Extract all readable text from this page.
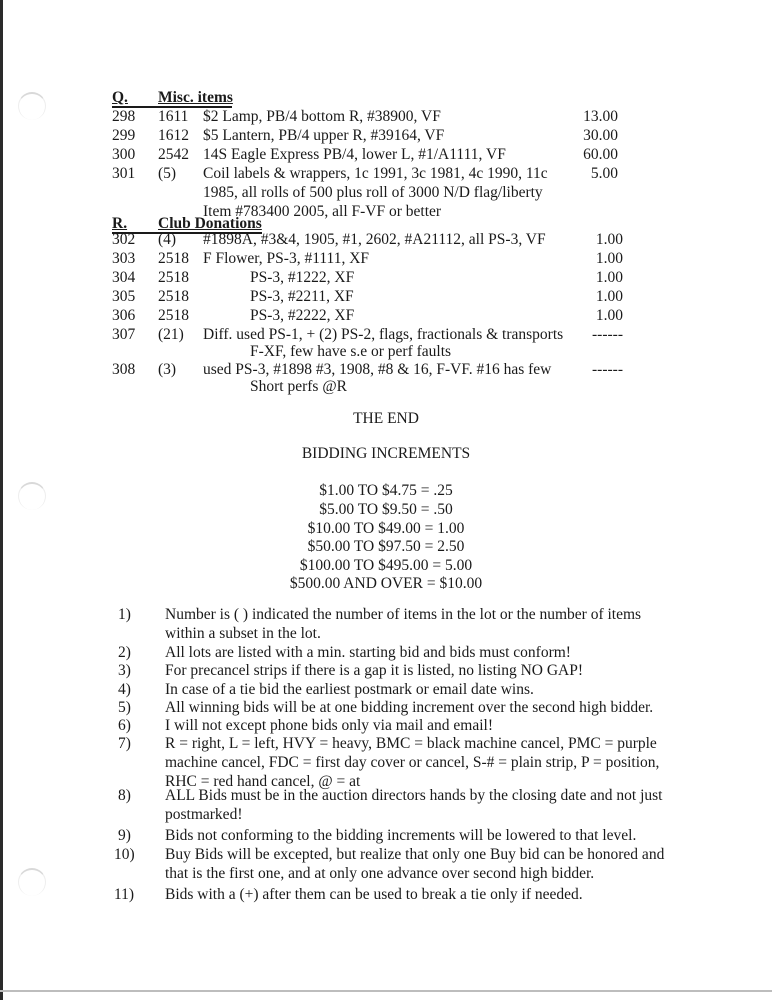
Q. Misc. items
298 1611 $2 Lamp, PB/4 bottom R, #38900, VF	13.00
299 1612 $5 Lantern, PB/4 upper R, #39164, VF	30.00
300 2542 14S Eagle Express PB/4, lower L, #1/A1111, VF	60.00
301 (5) Coil labels & wrappers, 1c 1991, 3c 1981, 4c 1990, 11c	5.00
1985, all rolls of 500 plus roll of 3000 N/D flag/liberty
Item #783400 2005, all F-VF or better
R. Club Donations
302 (4) #1898A, #3&4, 1905, #1, 2602, #A21112, all PS-3, VF	1.00
303 2518 F Flower, PS-3, #1111, XF	1.00
304 2518	PS-3, #1222, XF	1.00
305 2518	PS-3, #2211, XF	1.00
306 2518	PS-3, #2222, XF	1.00
307 (21) Diff. used PS-1, + (2) PS-2, flags, fractionals & transports	------
F-XF, few have s.e or perf faults
308 (3) used PS-3, #1898 #3, 1908, #8 & 16, F-VF. #16 has few	------
Short perfs @R
THE END
BIDDING INCREMENTS
$1.00 TO $4.75 = .25
$5.00 TO $9.50 = .50
$10.00 TO $49.00 = 1.00
$50.00 TO $97.50 = 2.50
$100.00 TO $495.00 = 5.00
$500.00 AND OVER = $10.00
1) Number is ( ) indicated the number of items in the lot or the number of items
within a subset in the lot.
2) All lots are listed with a min. starting bid and bids must conform!
3) For precancel strips if there is a gap it is listed, no listing NO GAP!
4) In case of a tie bid the earliest postmark or email date wins.
5) All winning bids will be at one bidding increment over the second high bidder.
6) I will not except phone bids only via mail and email!
7) R = right, L = left, HVY = heavy, BMC = black machine cancel, PMC = purple
machine cancel, FDC = first day cover or cancel, S-# = plain strip, P = position,
RHC = red hand cancel, @ = at
8) ALL Bids must be in the auction directors hands by the closing date and not just
postmarked!
9) Bids not conforming to the bidding increments will be lowered to that level.
10) Buy Bids will be excepted, but realize that only one Buy bid can be honored and
that is the first one, and at only one advance over second high bidder.
11) Bids with a (+) after them can be used to break a tie only if needed.
